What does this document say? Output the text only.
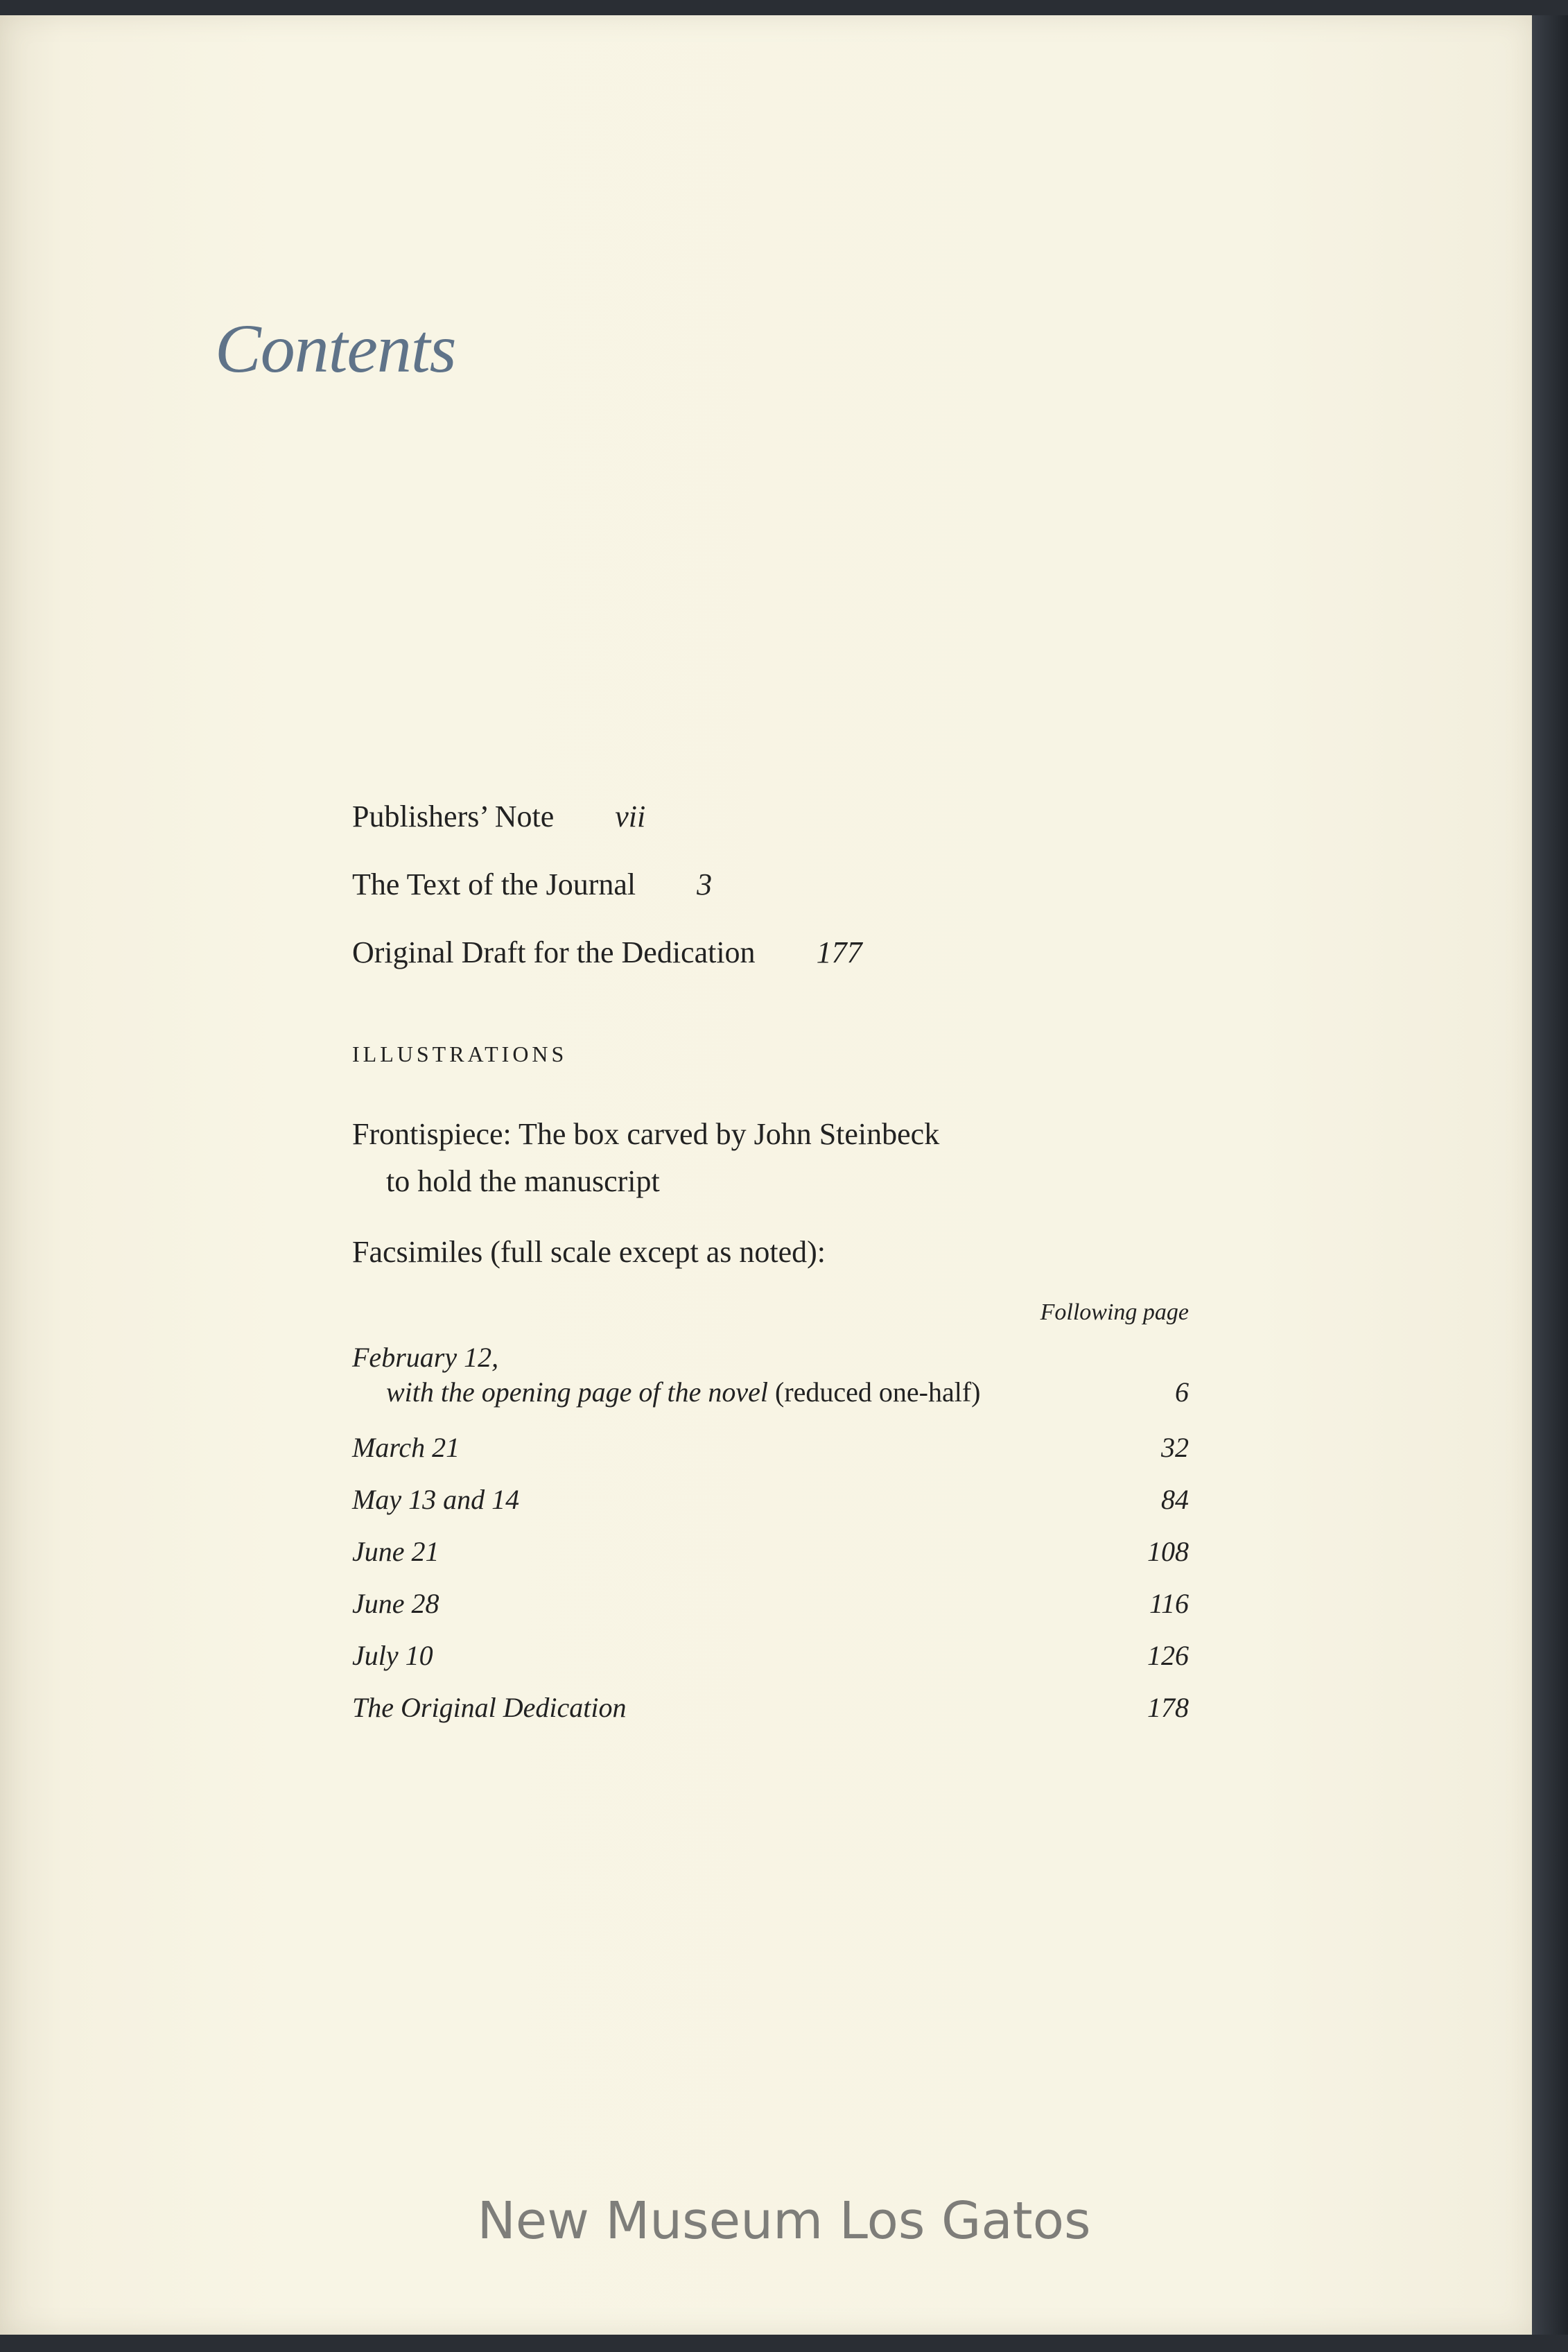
Contents
Publishers’ Note vii
The Text of the Journal 3
Original Draft for the Dedication 177
ILLUSTRATIONS
Frontispiece: The box carved by John Steinbeck
to hold the manuscript
Facsimiles (full scale except as noted):
Following page
February 12,
with the opening page of the novel (reduced one-half)	6
March 21	32
May 13 and 14	84
June 21	108
June 28	116
July 10	126
The Original Dedication	178
New Museum Los Gatos
